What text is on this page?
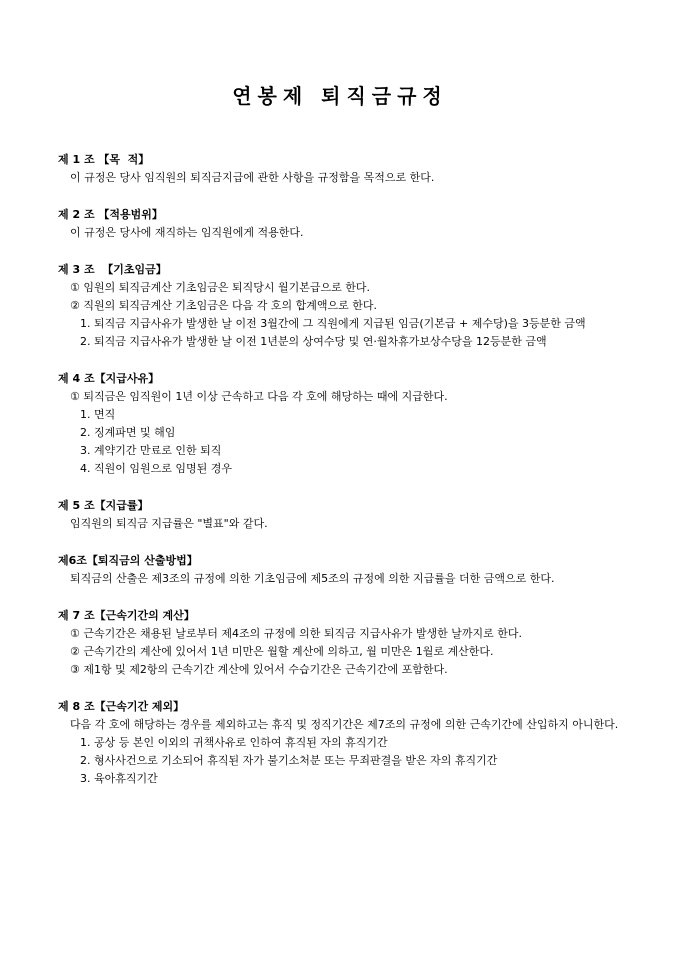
연봉제 퇴직금규정
제 1 조 【목  적】
이 규정은 당사 임직원의 퇴직금지급에 관한 사항을 규정함을 목적으로 한다.
제 2 조 【적용범위】
이 규정은 당사에 재직하는 임직원에게 적용한다.
제 3 조  【기초임금】
① 임원의 퇴직금계산 기초임금은 퇴직당시 월기본급으로 한다.
② 직원의 퇴직금계산 기초임금은 다음 각 호의 합계액으로 한다.
1. 퇴직금 지급사유가 발생한 날 이전 3월간에 그 직원에게 지급된 임금(기본급 + 제수당)을 3등분한 금액
2. 퇴직금 지급사유가 발생한 날 이전 1년분의 상여수당 및 연·월차휴가보상수당을 12등분한 금액
제 4 조【지급사유】
① 퇴직금은 임직원이 1년 이상 근속하고 다음 각 호에 해당하는 때에 지급한다.
1. 면직
2. 징계파면 및 해임
3. 계약기간 만료로 인한 퇴직
4. 직원이 임원으로 임명된 경우
제 5 조【지급률】
임직원의 퇴직금 지급률은 "별표"와 같다.
제6조【퇴직금의 산출방법】
퇴직금의 산출은 제3조의 규정에 의한 기초임금에 제5조의 규정에 의한 지급률을 더한 금액으로 한다.
제 7 조【근속기간의 계산】
① 근속기간은 채용된 날로부터 제4조의 규정에 의한 퇴직금 지급사유가 발생한 날까지로 한다.
② 근속기간의 계산에 있어서 1년 미만은 월할 계산에 의하고, 월 미만은 1월로 계산한다.
③ 제1항 및 제2항의 근속기간 계산에 있어서 수습기간은 근속기간에 포함한다.
제 8 조【근속기간 제외】
다음 각 호에 해당하는 경우를 제외하고는 휴직 및 정직기간은 제7조의 규정에 의한 근속기간에 산입하지 아니한다.
1. 공상 등 본인 이외의 귀책사유로 인하여 휴직된 자의 휴직기간
2. 형사사건으로 기소되어 휴직된 자가 불기소처분 또는 무죄판결을 받은 자의 휴직기간
3. 육아휴직기간
